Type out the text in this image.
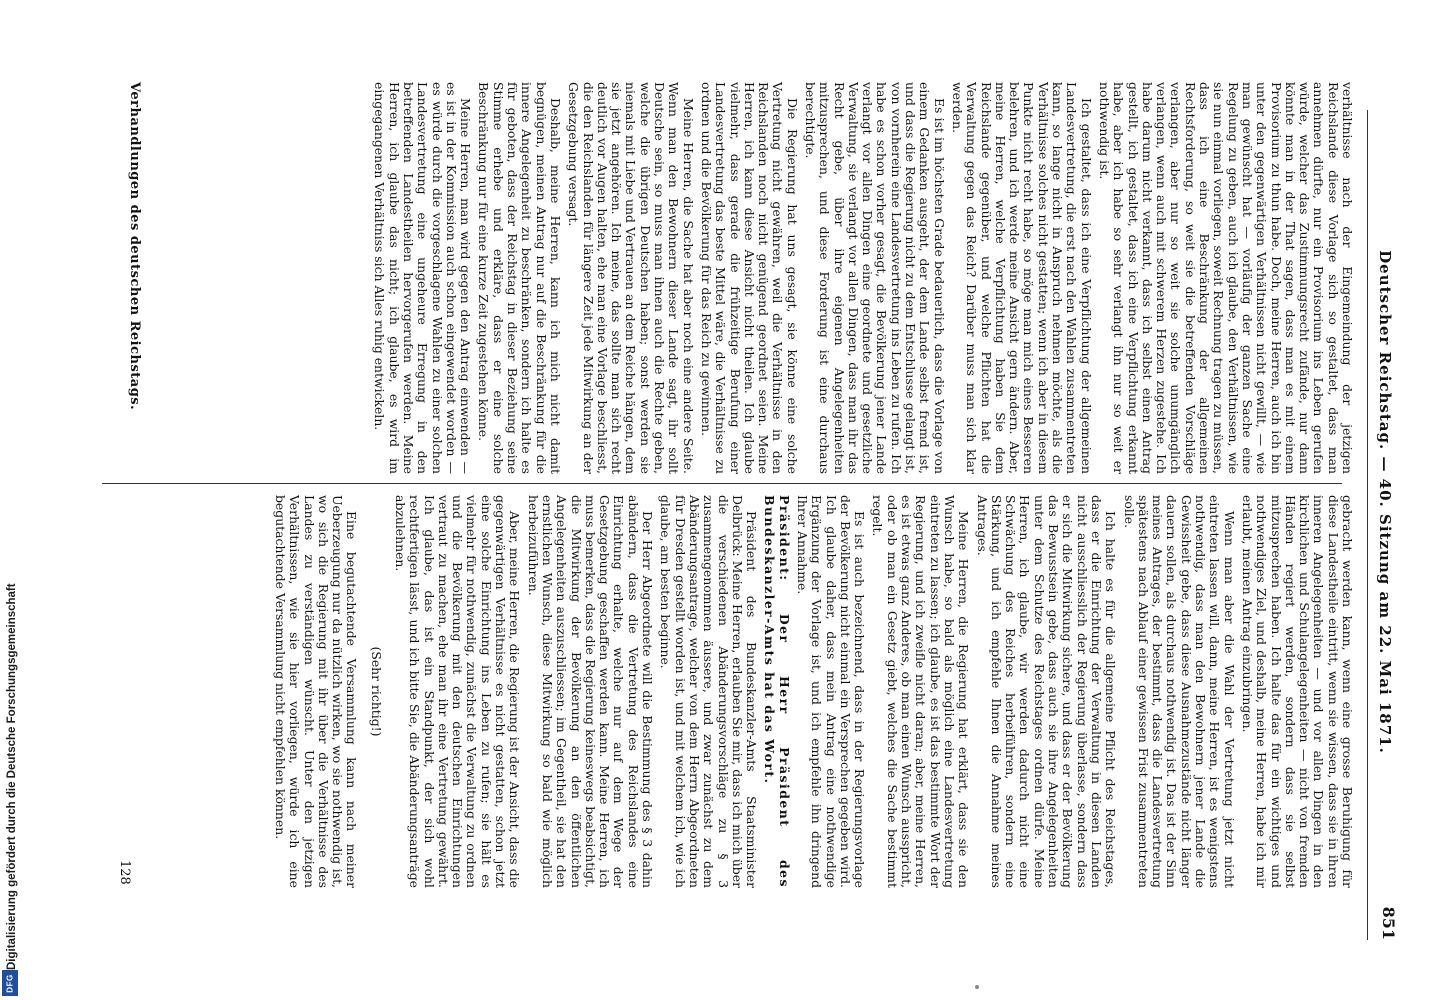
Deutscher Reichstag. — 40. Sitzung am 22. Mai 1871.
851

verhältnisse nach der Eingemeindung der jetzigen Reichslande diese Vorlage sich so gestaltet, dass man annehmen dürfte, nur ein Provisorium ins Leben gerufen würde, welcher das Zustimmungsrecht zufände, nur dann könnte man in der That sagen, dass man es mit einem Provisorium zu thun habe. Doch, meine Herren, auch ich bin unter den gegenwärtigen Verhältnissen nicht gewillt, — wie man gewünscht hat — vorläufig der ganzen Sache eine Regelung zu geben, auch ich glaube, den Verhältnissen, wie sie nun einmal vorliegen, soweit Rechnung tragen zu müssen, dass ich eine Beschränkung der allgemeinen Rechtsforderung, so weit sie die betreffenden Vorschläge verlangen, aber nur so weit sie solche unumgänglich verlangen, wenn auch mit schwerem Herzen zugestehe. Ich habe darum nicht verkannt, dass ich selbst einen Antrag gestellt, ich gestaltet, dass ich eine Verpflichtung erkannt habe, aber ich habe so sehr verlangt ihn nur so weit er nothwendig ist.

Ich gestaltet, dass ich eine Verpflichtung der allgemeinen Landesvertretung, die erst nach den Wahlen zusammentreten kann, so lange nicht in Anspruch nehmen möchte, als die Verhältnisse solches nicht gestatten; wenn ich aber in diesem Punkte nicht recht habe, so möge man mich eines Besseren belehren, und ich werde meine Ansicht gern ändern. Aber, meine Herren, welche Verpflichtung haben Sie dem Reichslande gegenüber, und welche Pflichten hat die Verwaltung gegen das Reich? Darüber muss man sich klar werden.

Es ist im höchsten Grade bedauerlich, dass die Vorlage von einem Gedanken ausgeht, der dem Lande selbst fremd ist, und dass die Regierung nicht zu dem Entschlusse gelangt ist, von vornherein eine Landesvertretung ins Leben zu rufen. Ich habe es schon vorher gesagt, die Bevölkerung jener Lande verlangt vor allen Dingen eine geordnete und gesetzliche Verwaltung, sie verlangt vor allen Dingen, dass man ihr das Recht gebe, über ihre eigenen Angelegenheiten mitzusprechen, und diese Forderung ist eine durchaus berechtigte.

Die Regierung hat uns gesagt, sie könne eine solche Vertretung nicht gewähren, weil die Verhältnisse in den Reichslanden noch nicht genügend geordnet seien. Meine Herren, ich kann diese Ansicht nicht theilen. Ich glaube vielmehr, dass gerade die frühzeitige Berufung einer Landesvertretung das beste Mittel wäre, die Verhältnisse zu ordnen und die Bevölkerung für das Reich zu gewinnen.

Meine Herren, die Sache hat aber noch eine andere Seite. Wenn man den Bewohnern dieser Lande sagt, ihr sollt Deutsche sein, so muss man ihnen auch die Rechte geben, welche die übrigen Deutschen haben; sonst werden sie niemals mit Liebe und Vertrauen an dem Reiche hängen, dem sie jetzt angehören. Ich meine, das sollte man sich recht deutlich vor Augen halten, ehe man eine Vorlage beschliesst, die den Reichslanden für längere Zeit jede Mitwirkung an der Gesetzgebung versagt.

Deshalb, meine Herren, kann ich mich nicht damit begnügen, meinen Antrag nur auf die Beschränkung für die innere Angelegenheit zu beschränken, sondern ich halte es für geboten, dass der Reichstag in dieser Beziehung seine Stimme erhebe und erkläre, dass er eine solche Beschränkung nur für eine kurze Zeit zugestehen könne.

Meine Herren, man wird gegen den Antrag einwenden — es ist in der Kommission auch schon eingewendet worden — es würde durch die vorgeschlagene Wahlen zu einer solchen Landesvertretung eine ungeheure Erregung in den betreffenden Landestheilen hervorgerufen werden. Meine Herren, ich glaube das nicht; ich glaube, es wird im eingegangenen Verhältniss sich Alles ruhig entwickeln.

gebracht werden kann, wenn eine grosse Beruhigung für diese Landestheile eintritt, wenn sie wissen, dass sie in ihren inneren Angelegenheiten — und vor allen Dingen in den kirchlichen und Schulangelegenheiten — nicht von fremden Händen regiert werden, sondern dass sie selbst mitzusprechen haben. Ich halte das für ein wichtiges und nothwendiges Ziel, und deshalb, meine Herren, habe ich mir erlaubt, meinen Antrag einzubringen.

Wenn man aber die Wahl der Vertretung jetzt nicht eintreten lassen will, dann, meine Herren, ist es wenigstens nothwendig, dass man den Bewohnern jener Lande die Gewissheit gebe, dass diese Ausnahmezustände nicht länger dauern sollen, als durchaus nothwendig ist. Das ist der Sinn meines Antrages, der bestimmt, dass die Landesvertretung spätestens nach Ablauf einer gewissen Frist zusammentreten solle.

Ich halte es für die allgemeine Pflicht des Reichstages, dass er die Einrichtung der Verwaltung in diesen Landen nicht ausschliesslich der Regierung überlasse, sondern dass er sich die Mitwirkung sichere, und dass er der Bevölkerung das Bewusstsein gebe, dass auch sie ihre Angelegenheiten unter dem Schutze des Reichstages ordnen dürfe. Meine Herren, ich glaube, wir werden dadurch nicht eine Schwächung des Reiches herbeiführen, sondern eine Stärkung, und ich empfehle Ihnen die Annahme meines Antrages.

Meine Herren, die Regierung hat erklärt, dass sie den Wunsch habe, so bald als möglich eine Landesvertretung eintreten zu lassen; ich glaube, es ist das bestimmte Wort der Regierung, und ich zweifle nicht daran; aber, meine Herren, es ist etwas ganz Anderes, ob man einen Wunsch ausspricht, oder ob man ein Gesetz giebt, welches die Sache bestimmt regelt.

Es ist auch bezeichnend, dass in der Regierungsvorlage der Bevölkerung nicht einmal ein Versprechen gegeben wird. Ich glaube daher, dass mein Antrag eine nothwendige Ergänzung der Vorlage ist, und ich empfehle ihn dringend Ihrer Annahme.

Präsident: Der Herr Präsident des Bundeskanzler-Amts hat das Wort.

Präsident des Bundeskanzler-Amts Staatsminister Delbrück: Meine Herren, erlauben Sie mir, dass ich mich über die verschiedenen Abänderungsvorschläge zu § 3 zusammengenommen äussere, und zwar zunächst zu dem Abänderungsantrage, welcher von dem Herrn Abgeordneten für Dresden gestellt worden ist, und mit welchem ich, wie ich glaube, am besten beginne.

Der Herr Abgeordnete will die Bestimmung des § 3 dahin abändern, dass die Vertretung des Reichslandes eine Einrichtung erhalte, welche nur auf dem Wege der Gesetzgebung geschaffen werden kann. Meine Herren, ich muss bemerken, dass die Regierung keineswegs beabsichtigt, die Mitwirkung der Bevölkerung an den öffentlichen Angelegenheiten auszuschliessen; im Gegentheil, sie hat den ernstlichen Wunsch, diese Mitwirkung so bald wie möglich herbeizuführen.

Aber, meine Herren, die Regierung ist der Ansicht, dass die gegenwärtigen Verhältnisse es nicht gestatten, schon jetzt eine solche Einrichtung ins Leben zu rufen; sie hält es vielmehr für nothwendig, zunächst die Verwaltung zu ordnen und die Bevölkerung mit den deutschen Einrichtungen vertraut zu machen, ehe man ihr eine Vertretung gewährt. Ich glaube, das ist ein Standpunkt, der sich wohl rechtfertigen lässt, und ich bitte Sie, die Abänderungsanträge abzulehnen.

(Sehr richtig!)

Eine begutachtende Versammlung kann nach meiner Ueberzeugung nur da nützlich wirken, wo sie nothwendig ist, wo sich die Regierung mit ihr über die Verhältnisse des Landes zu verständigen wünscht. Unter den jetzigen Verhältnissen, wie sie hier vorliegen, würde ich eine begutachtende Versammlung nicht empfehlen können.

Verhandlungen des deutschen Reichstags.
128
Digitalisierung gefördert durch die Deutsche Forschungsgemeinschaft
DFG
